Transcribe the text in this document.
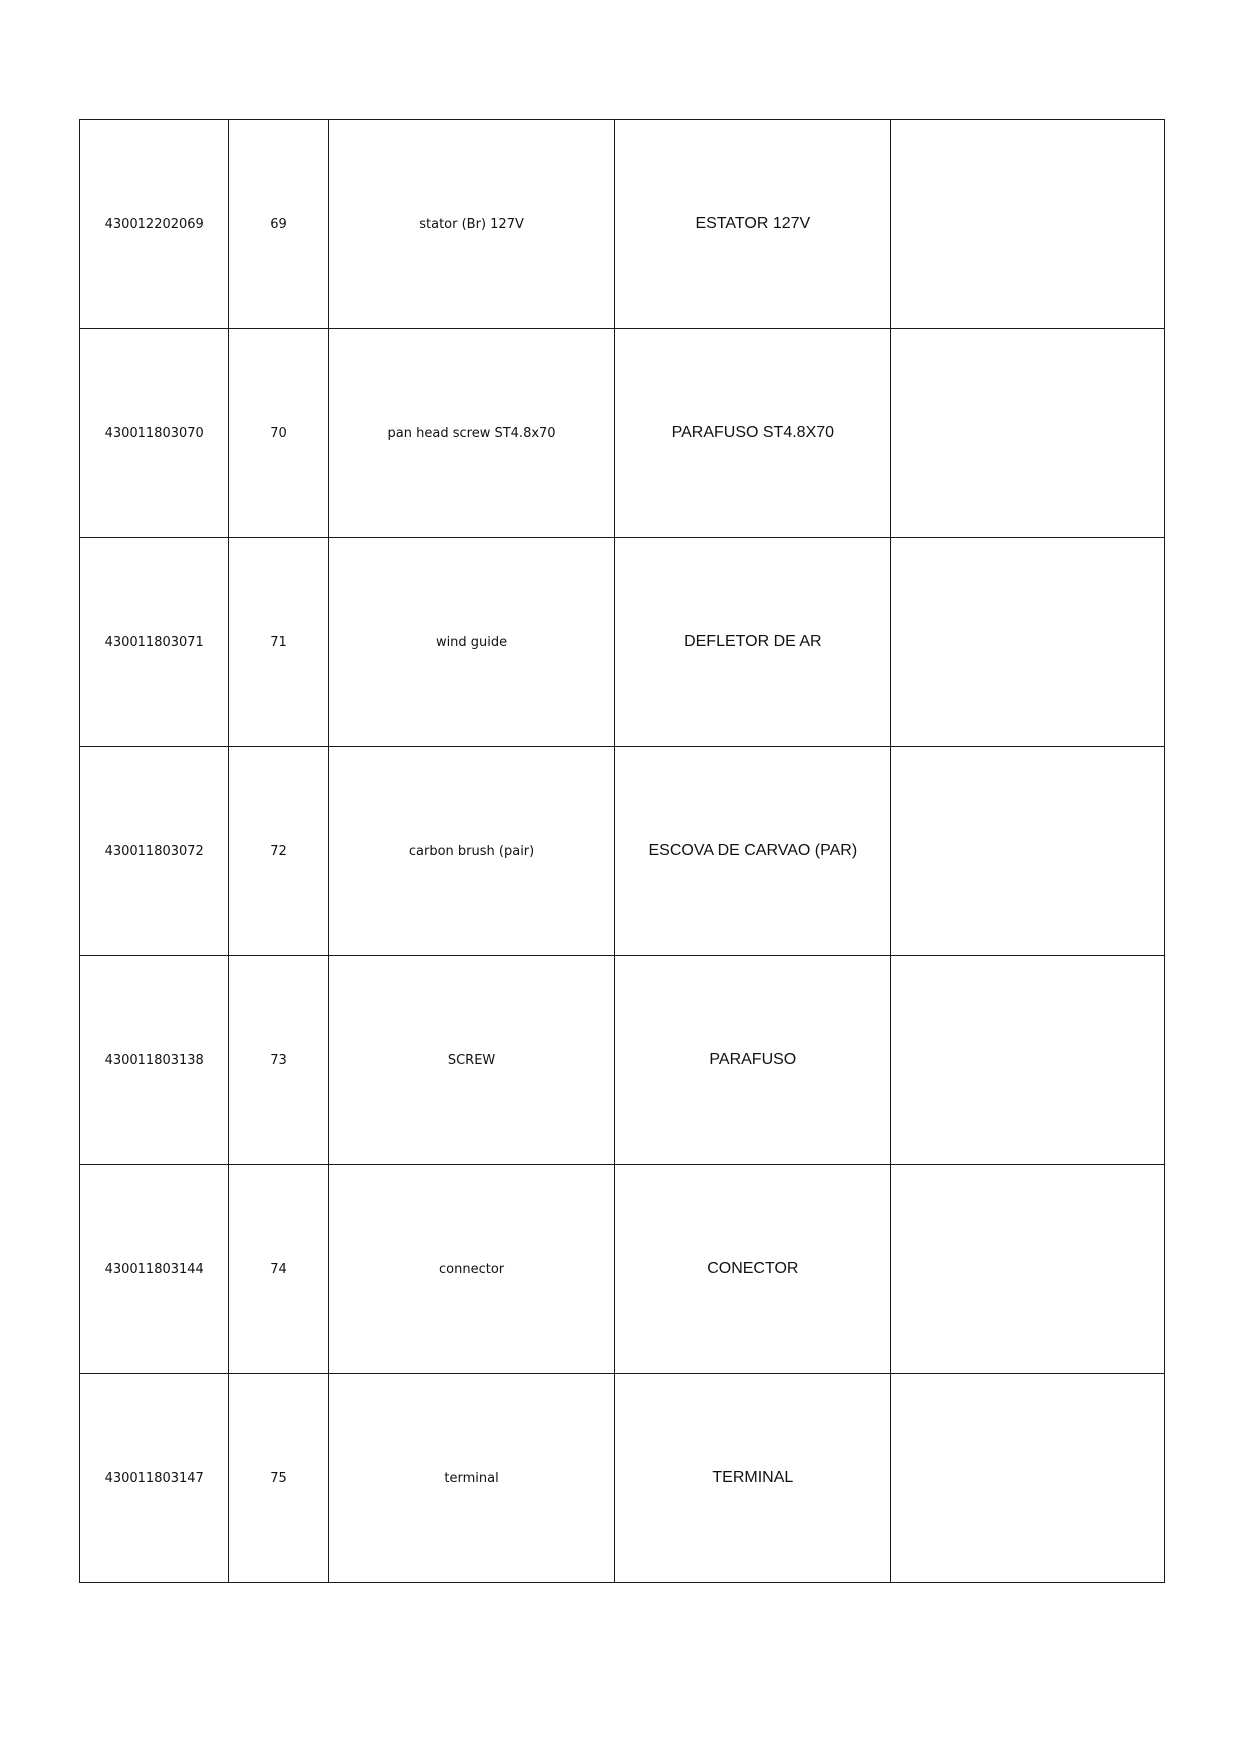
430012202069	69	stator (Br) 127V	ESTATOR 127V	
430011803070	70	pan head screw ST4.8x70	PARAFUSO ST4.8X70	
430011803071	71	wind guide	DEFLETOR DE AR	
430011803072	72	carbon brush (pair)	ESCOVA DE CARVAO (PAR)	
430011803138	73	SCREW	PARAFUSO	
430011803144	74	connector	CONECTOR	
430011803147	75	terminal	TERMINAL	
